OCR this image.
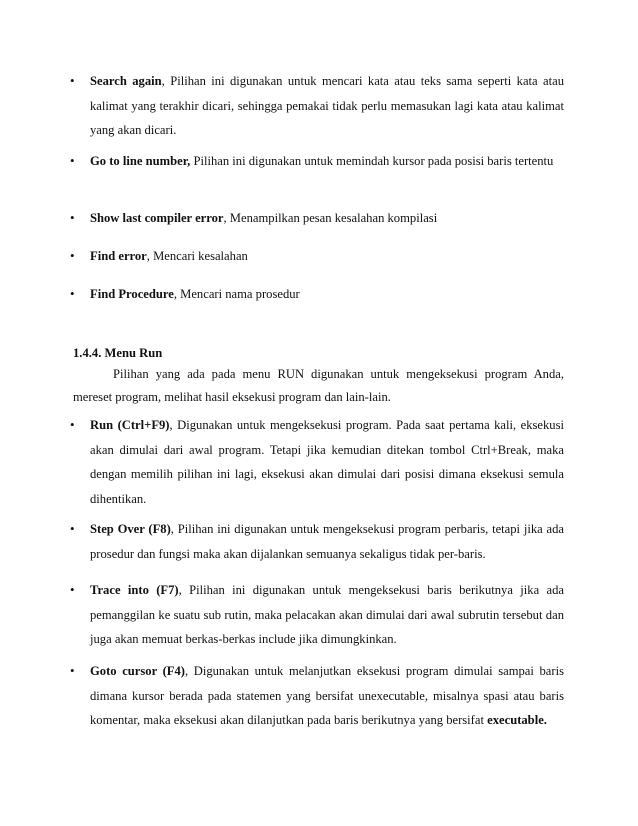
• Search again, Pilihan ini digunakan untuk mencari kata atau teks sama seperti kata atau kalimat yang terakhir dicari, sehingga pemakai tidak perlu memasukan lagi kata atau kalimat yang akan dicari.
• Go to line number, Pilihan ini digunakan untuk memindah kursor pada posisi baris tertentu
• Show last compiler error, Menampilkan pesan kesalahan kompilasi
• Find error, Mencari kesalahan
• Find Procedure, Mencari nama prosedur
1.4.4. Menu Run
Pilihan yang ada pada menu RUN digunakan untuk mengeksekusi program Anda, mereset program, melihat hasil eksekusi program dan lain-lain.
• Run (Ctrl+F9), Digunakan untuk mengeksekusi program. Pada saat pertama kali, eksekusi akan dimulai dari awal program. Tetapi jika kemudian ditekan tombol Ctrl+Break, maka dengan memilih pilihan ini lagi, eksekusi akan dimulai dari posisi dimana eksekusi semula dihentikan.
• Step Over (F8), Pilihan ini digunakan untuk mengeksekusi program perbaris, tetapi jika ada prosedur dan fungsi maka akan dijalankan semuanya sekaligus tidak per-baris.
• Trace into (F7), Pilihan ini digunakan untuk mengeksekusi baris berikutnya jika ada pemanggilan ke suatu sub rutin, maka pelacakan akan dimulai dari awal subrutin tersebut dan juga akan memuat berkas-berkas include jika dimungkinkan.
• Goto cursor (F4), Digunakan untuk melanjutkan eksekusi program dimulai sampai baris dimana kursor berada pada statemen yang bersifat unexecutable, misalnya spasi atau baris komentar, maka eksekusi akan dilanjutkan pada baris berikutnya yang bersifat executable.
